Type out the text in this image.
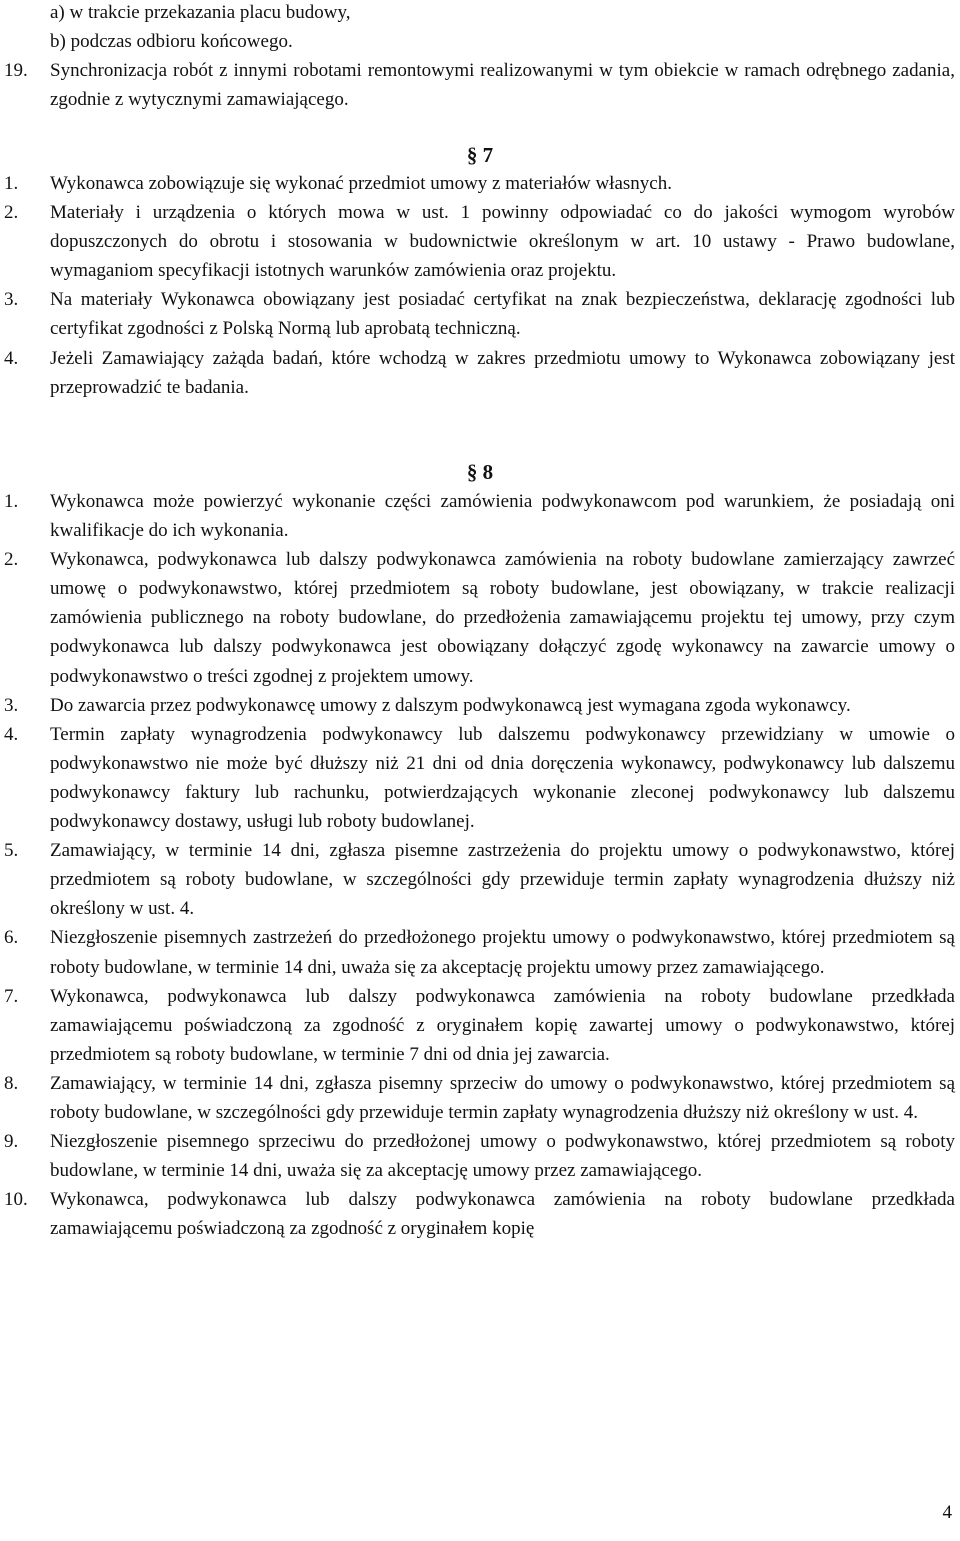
a) w trakcie przekazania placu budowy,
b) podczas odbioru końcowego.
19. Synchronizacja robót z innymi robotami remontowymi realizowanymi w tym obiekcie w ramach odrębnego zadania, zgodnie z wytycznymi zamawiającego.
§ 7
1. Wykonawca zobowiązuje się wykonać przedmiot umowy z materiałów własnych.
2. Materiały i urządzenia o których mowa w ust. 1 powinny odpowiadać co do jakości wymogom wyrobów dopuszczonych do obrotu i stosowania w budownictwie określonym w art. 10 ustawy - Prawo budowlane, wymaganiom specyfikacji istotnych warunków zamówienia oraz projektu.
3. Na materiały Wykonawca obowiązany jest posiadać certyfikat na znak bezpieczeństwa, deklarację zgodności lub certyfikat zgodności z Polską Normą lub aprobatą techniczną.
4. Jeżeli Zamawiający zażąda badań, które wchodzą w zakres przedmiotu umowy to Wykonawca zobowiązany jest przeprowadzić te badania.
§ 8
1. Wykonawca może powierzyć wykonanie części zamówienia podwykonawcom pod warunkiem, że posiadają oni kwalifikacje do ich wykonania.
2. Wykonawca, podwykonawca lub dalszy podwykonawca zamówienia na roboty budowlane zamierzający zawrzeć umowę o podwykonawstwo, której przedmiotem są roboty budowlane, jest obowiązany, w trakcie realizacji zamówienia publicznego na roboty budowlane, do przedłożenia zamawiającemu projektu tej umowy, przy czym podwykonawca lub dalszy podwykonawca jest obowiązany dołączyć zgodę wykonawcy na zawarcie umowy o podwykonawstwo o treści zgodnej z projektem umowy.
3. Do zawarcia przez podwykonawcę umowy z dalszym podwykonawcą jest wymagana zgoda wykonawcy.
4. Termin zapłaty wynagrodzenia podwykonawcy lub dalszemu podwykonawcy przewidziany w umowie o podwykonawstwo nie może być dłuższy niż 21 dni od dnia doręczenia wykonawcy, podwykonawcy lub dalszemu podwykonawcy faktury lub rachunku, potwierdzających wykonanie zleconej podwykonawcy lub dalszemu podwykonawcy dostawy, usługi lub roboty budowlanej.
5. Zamawiający, w terminie 14 dni, zgłasza pisemne zastrzeżenia do projektu umowy o podwykonawstwo, której przedmiotem są roboty budowlane, w szczególności gdy przewiduje termin zapłaty wynagrodzenia dłuższy niż określony w ust. 4.
6. Niezgłoszenie pisemnych zastrzeżeń do przedłożonego projektu umowy o podwykonawstwo, której przedmiotem są roboty budowlane, w terminie 14 dni, uważa się za akceptację projektu umowy przez zamawiającego.
7. Wykonawca, podwykonawca lub dalszy podwykonawca zamówienia na roboty budowlane przedkłada zamawiającemu poświadczoną za zgodność z oryginałem kopię zawartej umowy o podwykonawstwo, której przedmiotem są roboty budowlane, w terminie 7 dni od dnia jej zawarcia.
8. Zamawiający, w terminie 14 dni, zgłasza pisemny sprzeciw do umowy o podwykonawstwo, której przedmiotem są roboty budowlane, w szczególności gdy przewiduje termin zapłaty wynagrodzenia dłuższy niż określony w ust. 4.
9. Niezgłoszenie pisemnego sprzeciwu do przedłożonej umowy o podwykonawstwo, której przedmiotem są roboty budowlane, w terminie 14 dni, uważa się za akceptację umowy przez zamawiającego.
10. Wykonawca, podwykonawca lub dalszy podwykonawca zamówienia na roboty budowlane przedkłada zamawiającemu poświadczoną za zgodność z oryginałem kopię
4
